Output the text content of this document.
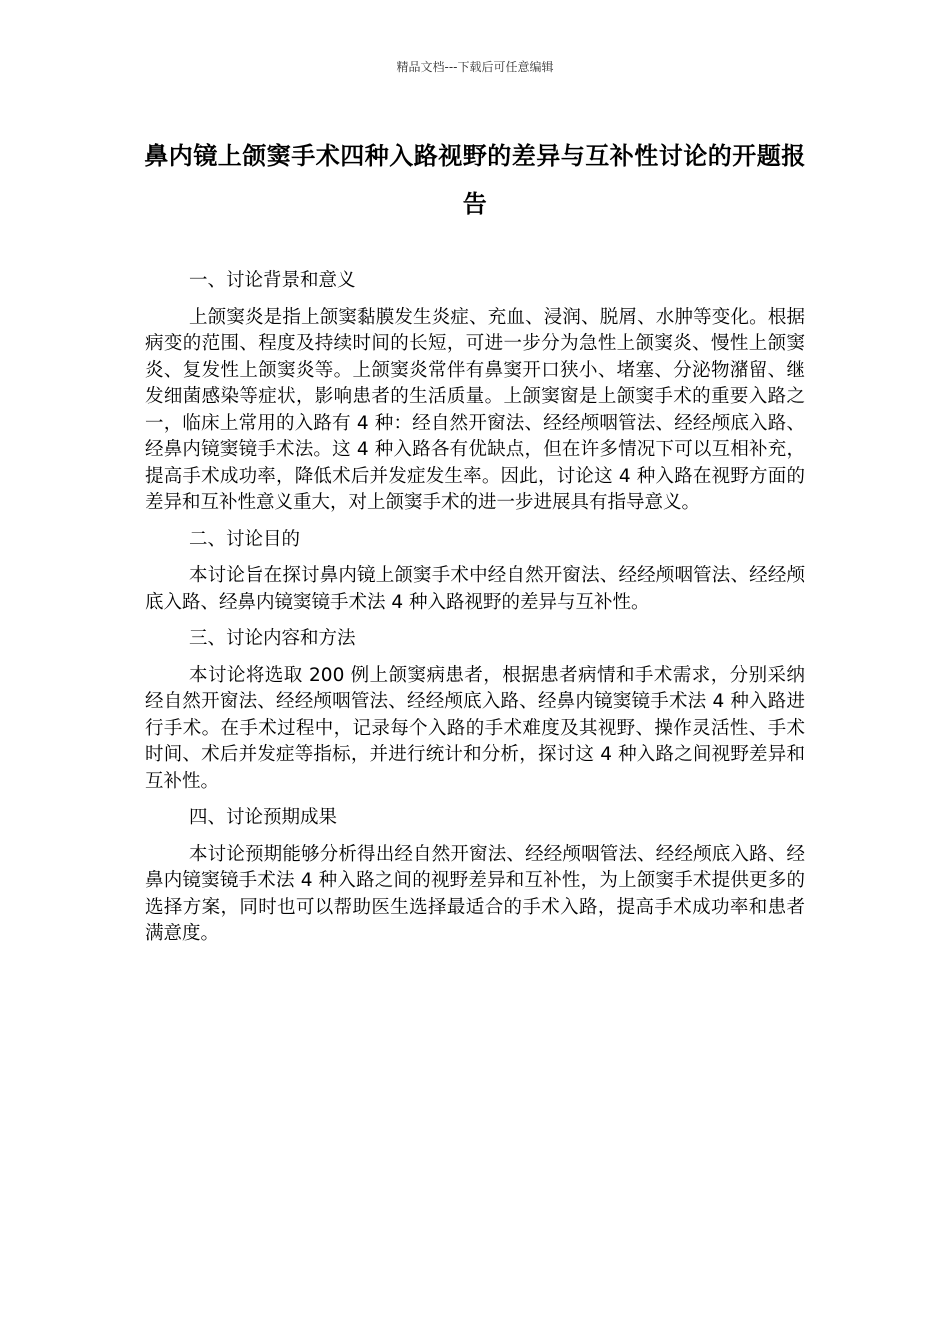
精品文档---下载后可任意编辑
鼻内镜上颌窦手术四种入路视野的差异与互补性讨论的开题报告
一、讨论背景和意义

上颌窦炎是指上颌窦黏膜发生炎症、充血、浸润、脱屑、水肿等变化。根据病变的范围、程度及持续时间的长短，可进一步分为急性上颌窦炎、慢性上颌窦炎、复发性上颌窦炎等。上颌窦炎常伴有鼻窦开口狭小、堵塞、分泌物潴留、继发细菌感染等症状，影响患者的生活质量。上颌窦窗是上颌窦手术的重要入路之一，临床上常用的入路有 4 种：经自然开窗法、经经颅咽管法、经经颅底入路、经鼻内镜窦镜手术法。这 4 种入路各有优缺点，但在许多情况下可以互相补充，提高手术成功率，降低术后并发症发生率。因此，讨论这 4 种入路在视野方面的差异和互补性意义重大，对上颌窦手术的进一步进展具有指导意义。

二、讨论目的

本讨论旨在探讨鼻内镜上颌窦手术中经自然开窗法、经经颅咽管法、经经颅底入路、经鼻内镜窦镜手术法 4 种入路视野的差异与互补性。

三、讨论内容和方法

本讨论将选取 200 例上颌窦病患者，根据患者病情和手术需求，分别采纳经自然开窗法、经经颅咽管法、经经颅底入路、经鼻内镜窦镜手术法 4 种入路进行手术。在手术过程中，记录每个入路的手术难度及其视野、操作灵活性、手术时间、术后并发症等指标，并进行统计和分析，探讨这 4 种入路之间视野差异和互补性。

四、讨论预期成果

本讨论预期能够分析得出经自然开窗法、经经颅咽管法、经经颅底入路、经鼻内镜窦镜手术法 4 种入路之间的视野差异和互补性，为上颌窦手术提供更多的选择方案，同时也可以帮助医生选择最适合的手术入路，提高手术成功率和患者满意度。
